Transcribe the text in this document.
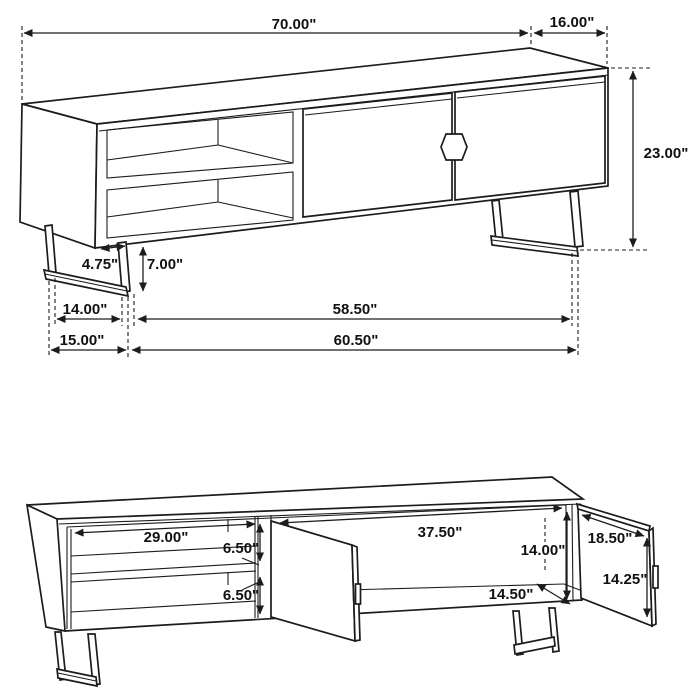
70.00"	16.00"
23.00"
4.75" 7.00"
14.00"	58.50"
15.00"	60.50"
29.00"
6.50"
6.50"
37.50"
14.00"
14.50"
18.50"
14.25"
